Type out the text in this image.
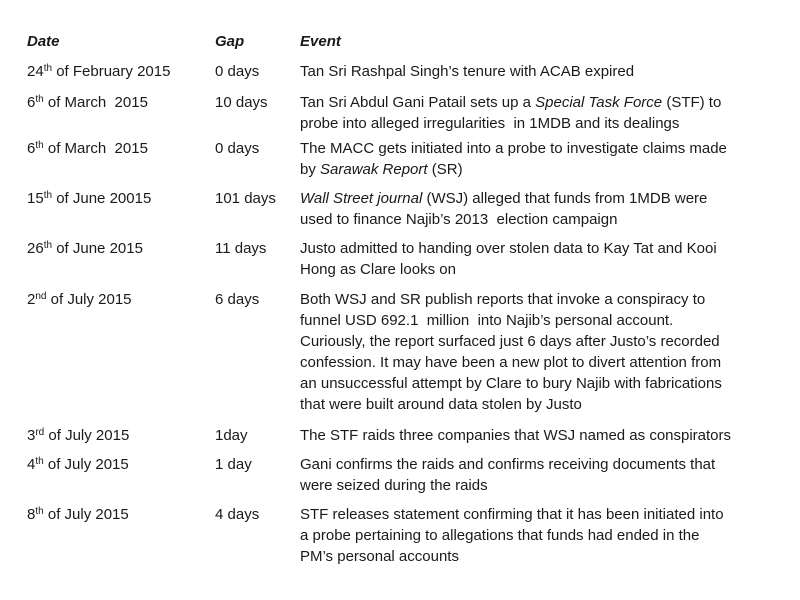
Date	Gap	Event
24th of February 2015	0 days	Tan Sri Rashpal Singh’s tenure with ACAB expired
6th of March  2015	10 days	Tan Sri Abdul Gani Patail sets up a Special Task Force (STF) to
probe into alleged irregularities  in 1MDB and its dealings
6th of March  2015	0 days	The MACC gets initiated into a probe to investigate claims made
by Sarawak Report (SR)
15th of June 20015	101 days	Wall Street journal (WSJ) alleged that funds from 1MDB were
used to finance Najib’s 2013  election campaign
26th of June 2015	11 days	Justo admitted to handing over stolen data to Kay Tat and Kooi
Hong as Clare looks on
2nd of July 2015	6 days	Both WSJ and SR publish reports that invoke a conspiracy to
funnel USD 692.1  million  into Najib’s personal account.
Curiously, the report surfaced just 6 days after Justo’s recorded
confession. It may have been a new plot to divert attention from
an unsuccessful attempt by Clare to bury Najib with fabrications
that were built around data stolen by Justo
3rd of July 2015	1day	The STF raids three companies that WSJ named as conspirators
4th of July 2015	1 day	Gani confirms the raids and confirms receiving documents that
were seized during the raids
8th of July 2015	4 days	STF releases statement confirming that it has been initiated into
a probe pertaining to allegations that funds had ended in the
PM’s personal accounts
